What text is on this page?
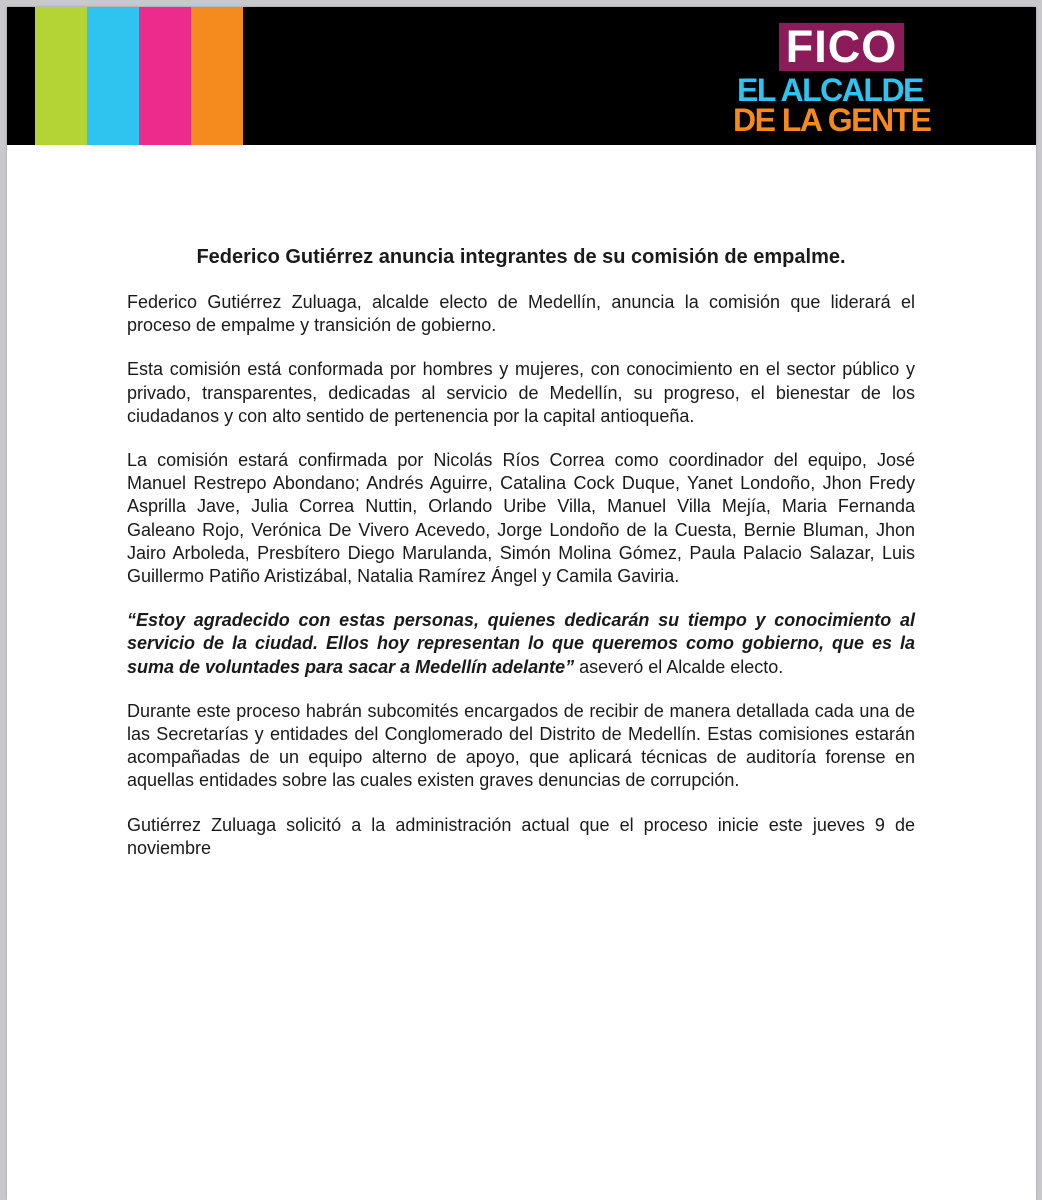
FICO
EL ALCALDE
DE LA GENTE
Federico Gutiérrez anuncia integrantes de su comisión de empalme.

Federico Gutiérrez Zuluaga, alcalde electo de Medellín, anuncia la comisión que liderará el proceso de empalme y transición de gobierno.

Esta comisión está conformada por hombres y mujeres, con conocimiento en el sector público y privado, transparentes, dedicadas al servicio de Medellín, su progreso, el bienestar de los ciudadanos y con alto sentido de pertenencia por la capital antioqueña.

La comisión estará confirmada por Nicolás Ríos Correa como coordinador del equipo, José Manuel Restrepo Abondano; Andrés Aguirre, Catalina Cock Duque, Yanet Londoño, Jhon Fredy Asprilla Jave, Julia Correa Nuttin, Orlando Uribe Villa, Manuel Villa Mejía, Maria Fernanda Galeano Rojo, Verónica De Vivero Acevedo, Jorge Londoño de la Cuesta, Bernie Bluman, Jhon Jairo Arboleda, Presbítero Diego Marulanda, Simón Molina Gómez, Paula Palacio Salazar, Luis Guillermo Patiño Aristizábal, Natalia Ramírez Ángel y Camila Gaviria.

“Estoy agradecido con estas personas, quienes dedicarán su tiempo y conocimiento al servicio de la ciudad. Ellos hoy representan lo que queremos como gobierno, que es la suma de voluntades para sacar a Medellín adelante” aseveró el Alcalde electo.

Durante este proceso habrán subcomités encargados de recibir de manera detallada cada una de las Secretarías y entidades del Conglomerado del Distrito de Medellín. Estas comisiones estarán acompañadas de un equipo alterno de apoyo, que aplicará técnicas de auditoría forense en aquellas entidades sobre las cuales existen graves denuncias de corrupción.

Gutiérrez Zuluaga solicitó a la administración actual que el proceso inicie este jueves 9 de noviembre
